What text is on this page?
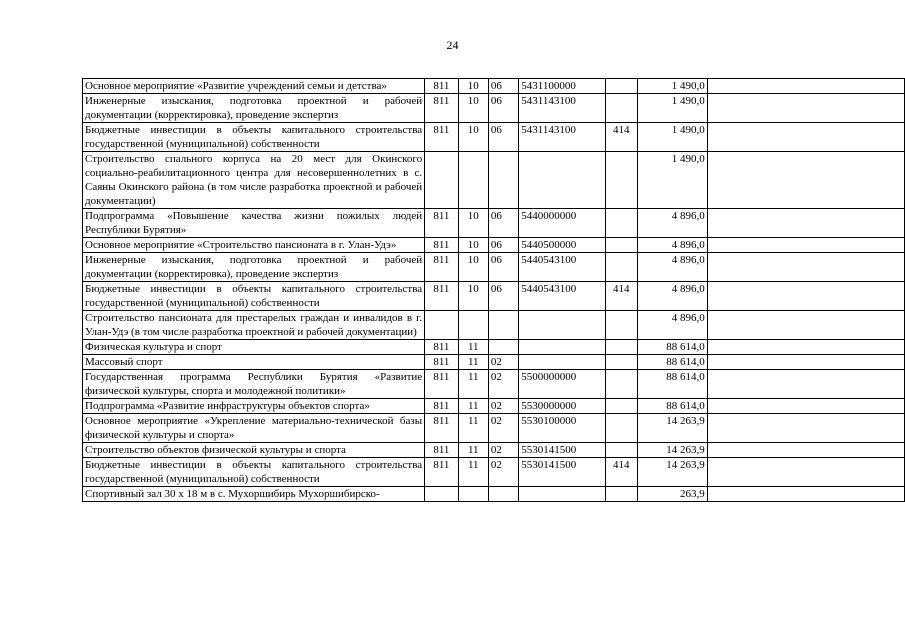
24
Основное мероприятие «Развитие учреждений семьи и детства»	811	10	06	5431100000		1 490,0	
Инженерные изыскания, подготовка проектной и рабочей документации (корректировка), проведение экспертиз	811	10	06	5431143100		1 490,0	
Бюджетные инвестиции в объекты капитального строительства государственной (муниципальной) собственности	811	10	06	5431143100	414	1 490,0	
Строительство спального корпуса на 20 мест для Окинского социально-реабилитационного центра для несовершеннолетних в с. Саяны Окинского района (в том числе разработка проектной и рабочей документации)						1 490,0	
Подпрограмма «Повышение качества жизни пожилых людей Республики Бурятия»	811	10	06	5440000000		4 896,0	
Основное мероприятие «Строительство пансионата в г. Улан-Удэ»	811	10	06	5440500000		4 896,0	
Инженерные изыскания, подготовка проектной и рабочей документации (корректировка), проведение экспертиз	811	10	06	5440543100		4 896,0	
Бюджетные инвестиции в объекты капитального строительства государственной (муниципальной) собственности	811	10	06	5440543100	414	4 896,0	
Строительство пансионата для престарелых граждан и инвалидов в г. Улан-Удэ (в том числе разработка проектной и рабочей документации)						4 896,0	
Физическая культура и спорт	811	11				88 614,0	
Массовый спорт	811	11	02			88 614,0	
Государственная программа Республики Бурятия «Развитие физической культуры, спорта и молодежной политики»	811	11	02	5500000000		88 614,0	
Подпрограмма «Развитие инфраструктуры объектов спорта»	811	11	02	5530000000		88 614,0	
Основное мероприятие «Укрепление материально-технической базы физической культуры и спорта»	811	11	02	5530100000		14 263,9	
Строительство объектов физической культуры и спорта	811	11	02	5530141500		14 263,9	
Бюджетные инвестиции в объекты капитального строительства государственной (муниципальной) собственности	811	11	02	5530141500	414	14 263,9	
Спортивный зал 30 х 18 м в с. Мухоршибирь Мухоршибирско-						263,9	
